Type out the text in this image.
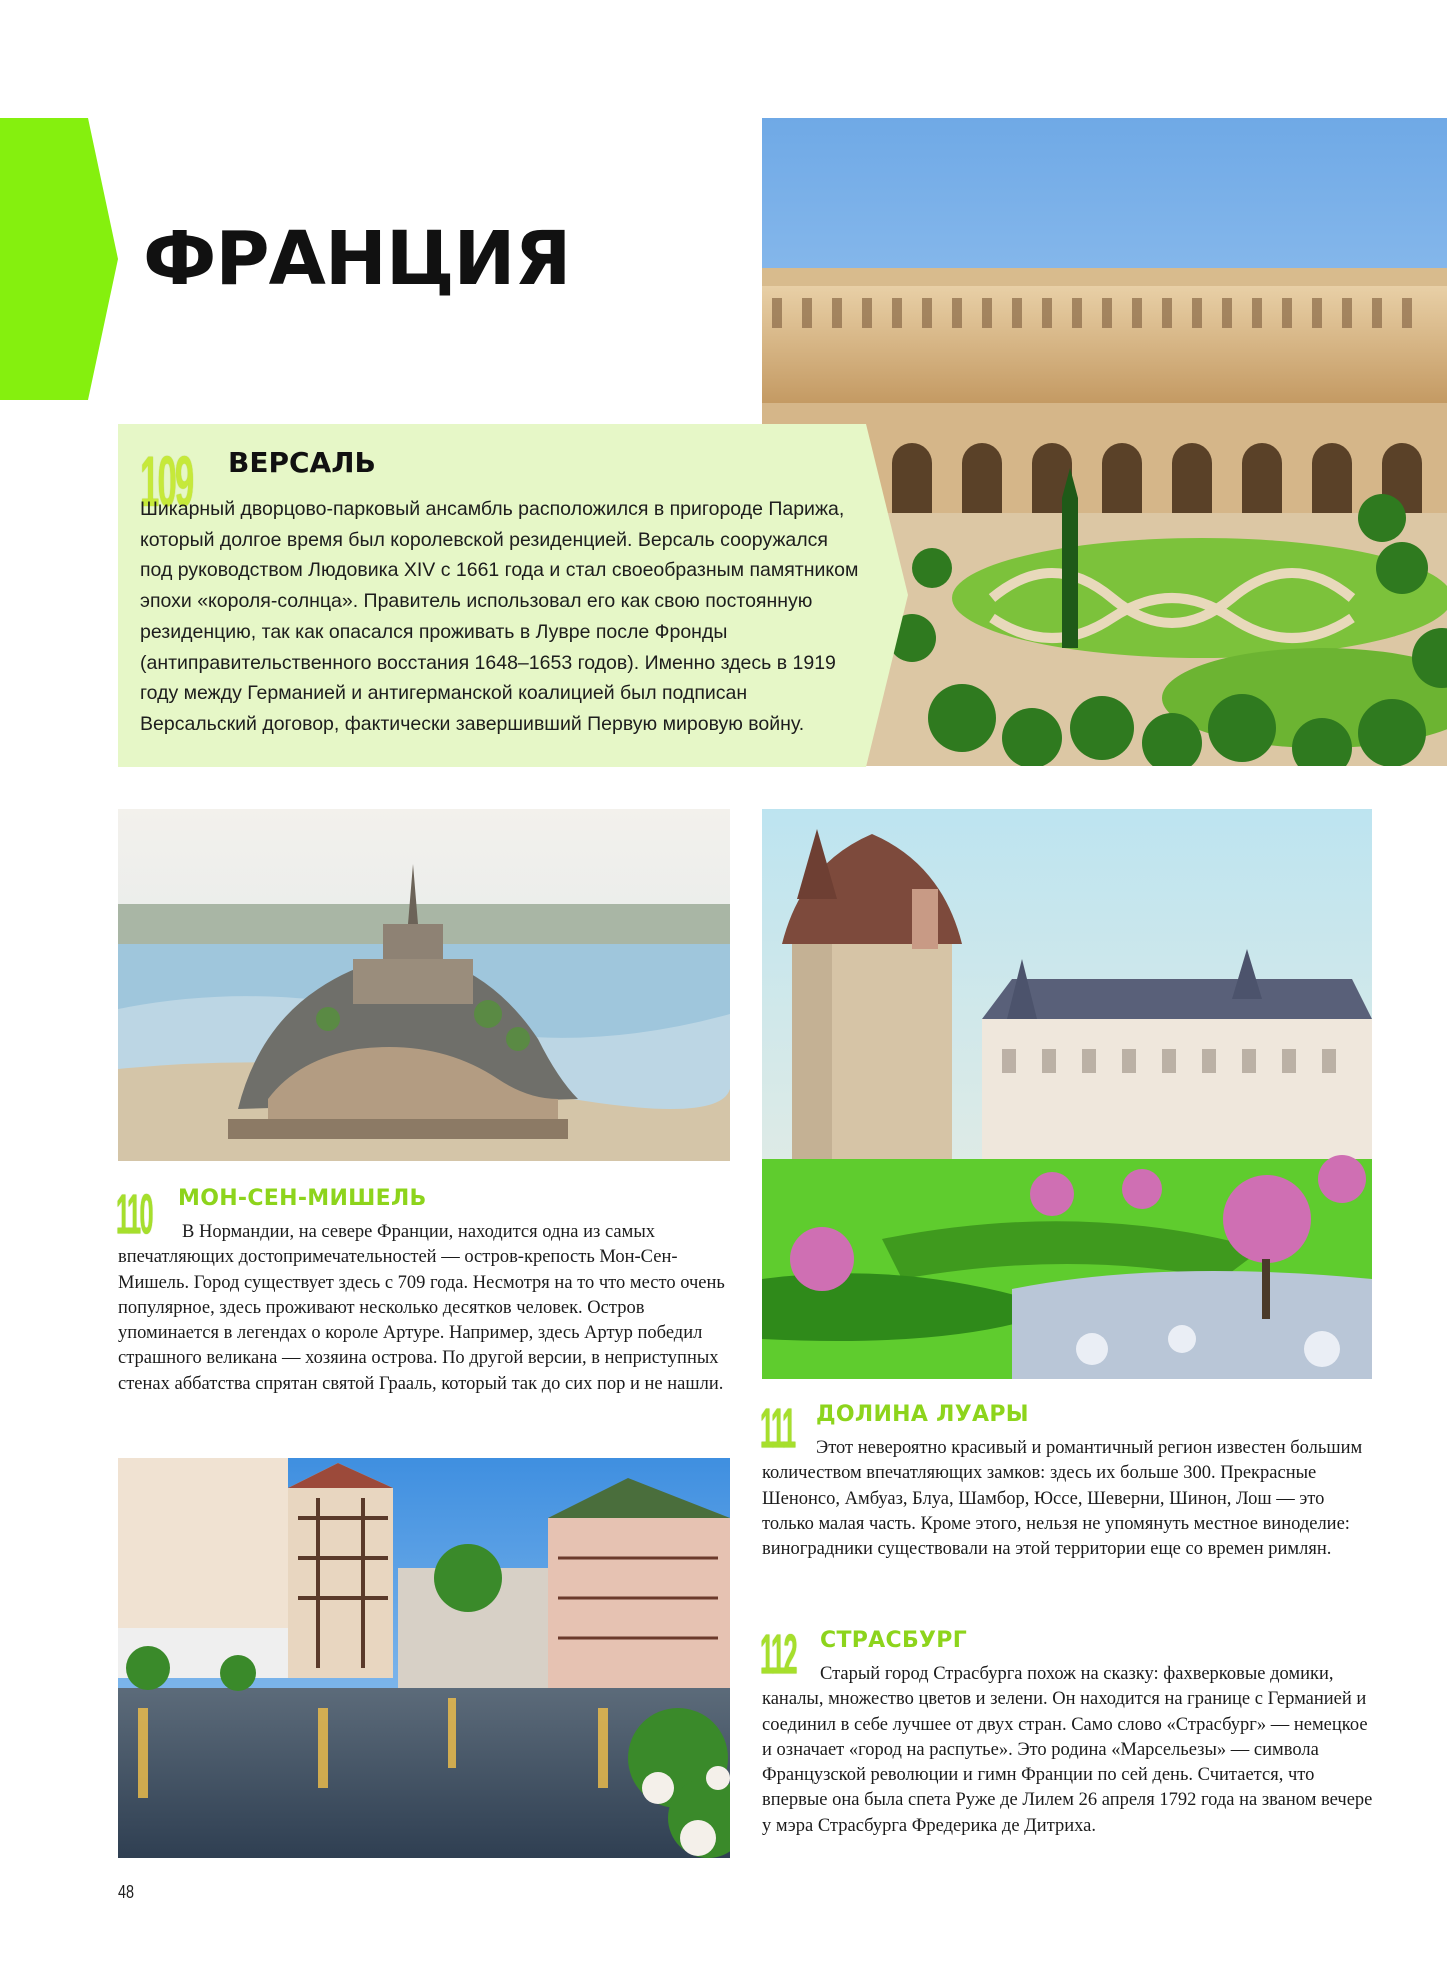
ФРАНЦИЯ
109 ВЕРСАЛЬ

Шикарный дворцово-парковый ансамбль расположился в пригороде Парижа, который долгое время был королевской резиденцией. Версаль сооружался под руководством Людовика XIV с 1661 года и стал своеобразным памятником эпохи «короля-солнца». Правитель использовал его как свою постоянную резиденцию, так как опасался проживать в Лувре после Фронды (антиправительственного восстания 1648–1653 годов). Именно здесь в 1919 году между Германией и антигерманской коалицией был подписан Версальский договор, фактически завершивший Первую мировую войну.

110 МОН-СЕН-МИШЕЛЬ

В Нормандии, на севере Франции, находится одна из самых впечатляющих достопримечательностей — остров-крепость Мон-Сен-Мишель. Город существует здесь с 709 года. Несмотря на то что место очень популярное, здесь проживают несколько десятков человек. Остров упоминается в легендах о короле Артуре. Например, здесь Артур победил страшного великана — хозяина острова. По другой версии, в неприступных стенах аббатства спрятан святой Грааль, который так до сих пор и не нашли.

111 ДОЛИНА ЛУАРЫ

Этот невероятно красивый и романтичный регион известен большим количеством впечатляющих замков: здесь их больше 300. Прекрасные Шенонсо, Амбуаз, Блуа, Шамбор, Юссе, Шеверни, Шинон, Лош — это только малая часть. Кроме этого, нельзя не упомянуть местное виноделие: виноградники существовали на этой территории еще со времен римлян.

112 СТРАСБУРГ

Старый город Страсбурга похож на сказку: фахверковые домики, каналы, множество цветов и зелени. Он находится на границе с Германией и соединил в себе лучшее от двух стран. Само слово «Страсбург» — немецкое и означает «город на распутье». Это родина «Марсельезы» — символа Французской революции и гимн Франции по сей день. Считается, что впервые она была спета Руже де Лилем 26 апреля 1792 года на званом вечере у мэра Страсбурга Фредерика де Дитриха.

48
